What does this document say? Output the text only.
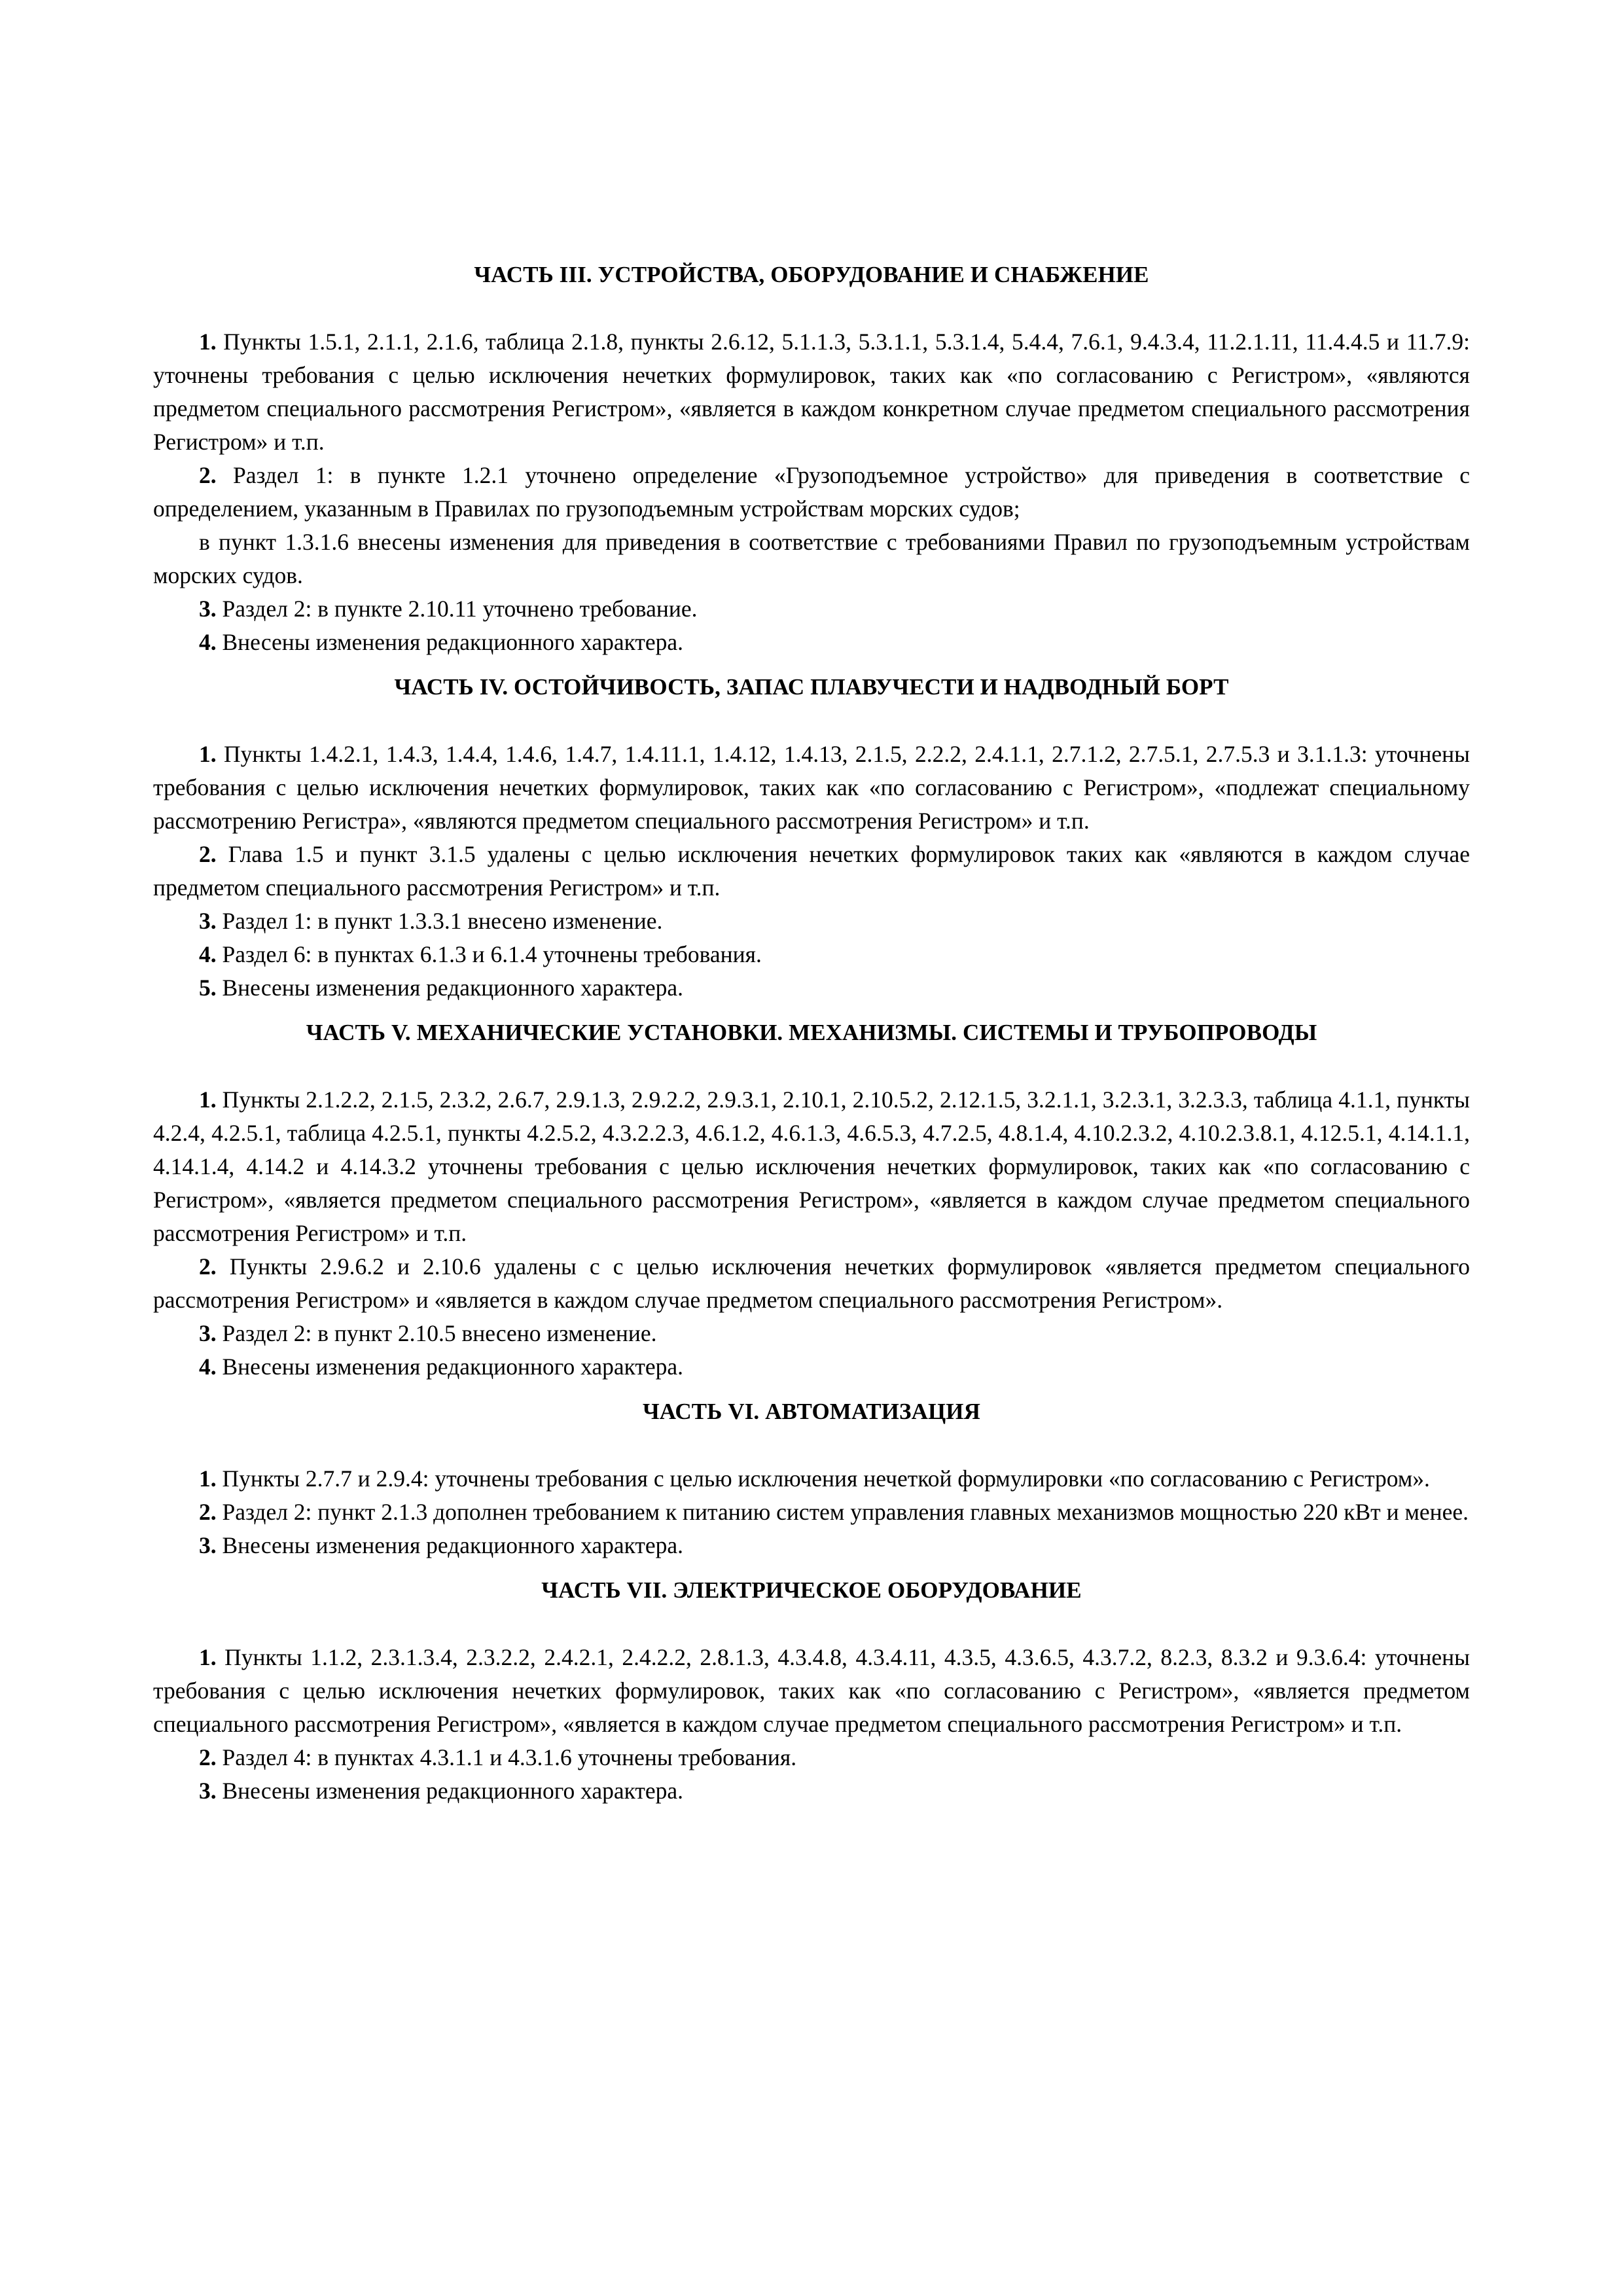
ЧАСТЬ III. УСТРОЙСТВА, ОБОРУДОВАНИЕ И СНАБЖЕНИЕ

1. Пункты 1.5.1, 2.1.1, 2.1.6, таблица 2.1.8, пункты 2.6.12, 5.1.1.3, 5.3.1.1, 5.3.1.4, 5.4.4, 7.6.1, 9.4.3.4, 11.2.1.11, 11.4.4.5 и 11.7.9: уточнены требования с целью исключения нечетких формулировок, таких как «по согласованию с Регистром», «являются предметом специального рассмотрения Регистром», «является в каждом конкретном случае предметом специального рассмотрения Регистром» и т.п.

2. Раздел 1: в пункте 1.2.1 уточнено определение «Грузоподъемное устройство» для приведения в соответствие с определением, указанным в Правилах по грузоподъемным устройствам морских судов;

в пункт 1.3.1.6 внесены изменения для приведения в соответствие с требованиями Правил по грузоподъемным устройствам морских судов.

3. Раздел 2: в пункте 2.10.11 уточнено требование.

4. Внесены изменения редакционного характера.

ЧАСТЬ IV. ОСТОЙЧИВОСТЬ, ЗАПАС ПЛАВУЧЕСТИ И НАДВОДНЫЙ БОРТ

1. Пункты 1.4.2.1, 1.4.3, 1.4.4, 1.4.6, 1.4.7, 1.4.11.1, 1.4.12, 1.4.13, 2.1.5, 2.2.2, 2.4.1.1, 2.7.1.2, 2.7.5.1, 2.7.5.3 и 3.1.1.3: уточнены требования с целью исключения нечетких формулировок, таких как «по согласованию с Регистром», «подлежат специальному рассмотрению Регистра», «являются предметом специального рассмотрения Регистром» и т.п.

2. Глава 1.5 и пункт 3.1.5 удалены с целью исключения нечетких формулировок таких как «являются в каждом случае предметом специального рассмотрения Регистром» и т.п.

3. Раздел 1: в пункт 1.3.3.1 внесено изменение.

4. Раздел 6: в пунктах 6.1.3 и 6.1.4 уточнены требования.

5. Внесены изменения редакционного характера.

ЧАСТЬ V. МЕХАНИЧЕСКИЕ УСТАНОВКИ. МЕХАНИЗМЫ. СИСТЕМЫ И ТРУБОПРОВОДЫ

1. Пункты 2.1.2.2, 2.1.5, 2.3.2, 2.6.7, 2.9.1.3, 2.9.2.2, 2.9.3.1, 2.10.1, 2.10.5.2, 2.12.1.5, 3.2.1.1, 3.2.3.1, 3.2.3.3, таблица 4.1.1, пункты 4.2.4, 4.2.5.1, таблица 4.2.5.1, пункты 4.2.5.2, 4.3.2.2.3, 4.6.1.2, 4.6.1.3, 4.6.5.3, 4.7.2.5, 4.8.1.4, 4.10.2.3.2, 4.10.2.3.8.1, 4.12.5.1, 4.14.1.1, 4.14.1.4, 4.14.2 и 4.14.3.2 уточнены требования с целью исключения нечетких формулировок, таких как «по согласованию с Регистром», «является предметом специального рассмотрения Регистром», «является в каждом случае предметом специального рассмотрения Регистром» и т.п.

2. Пункты 2.9.6.2 и 2.10.6 удалены с с целью исключения нечетких формулировок «является предметом специального рассмотрения Регистром» и «является в каждом случае предметом специального рассмотрения Регистром».

3. Раздел 2: в пункт 2.10.5 внесено изменение.

4. Внесены изменения редакционного характера.

ЧАСТЬ VI. АВТОМАТИЗАЦИЯ

1. Пункты 2.7.7 и 2.9.4: уточнены требования с целью исключения нечеткой формулировки «по согласованию с Регистром».

2. Раздел 2: пункт 2.1.3 дополнен требованием к питанию систем управления главных механизмов мощностью 220 кВт и менее.

3. Внесены изменения редакционного характера.

ЧАСТЬ VII. ЭЛЕКТРИЧЕСКОЕ ОБОРУДОВАНИЕ

1. Пункты 1.1.2, 2.3.1.3.4, 2.3.2.2, 2.4.2.1, 2.4.2.2, 2.8.1.3, 4.3.4.8, 4.3.4.11, 4.3.5, 4.3.6.5, 4.3.7.2, 8.2.3, 8.3.2 и 9.3.6.4: уточнены требования с целью исключения нечетких формулировок, таких как «по согласованию с Регистром», «является предметом специального рассмотрения Регистром», «является в каждом случае предметом специального рассмотрения Регистром» и т.п.

2. Раздел 4: в пунктах 4.3.1.1 и 4.3.1.6 уточнены требования.

3. Внесены изменения редакционного характера.
